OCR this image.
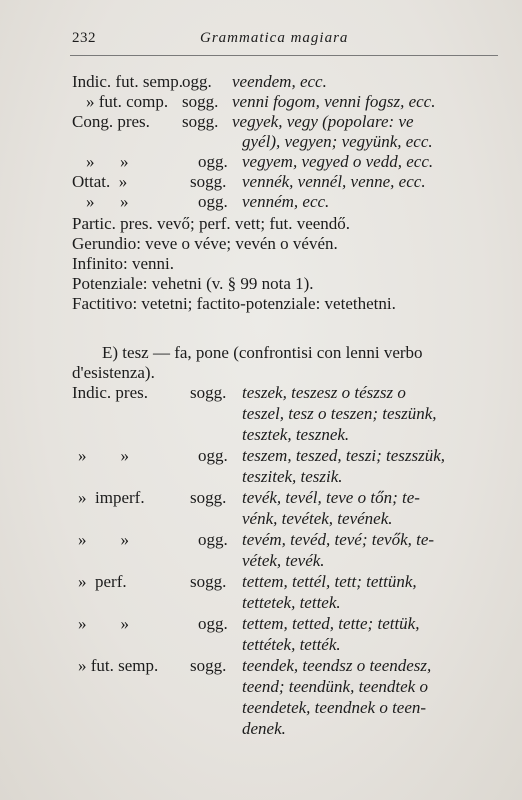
232	Grammatica magiara
Indic. fut. semp. ogg. veendem, ecc.
» fut. comp. sogg. venni fogom, venni fogsz, ecc.
Cong. pres. sogg. vegyek, vegy (popolare: ve
gyél), vegyen; vegyünk, ecc.
»      »	ogg. vegyem, vegyed o vedd, ecc.
Ottat.  »	sogg. vennék, vennél, venne, ecc.
»      »	ogg. venném, ecc.
Partic. pres. vevő; perf. vett; fut. veendő.
Gerundio: veve o véve; vevén o vévén.
Infinito: venni.
Potenziale: vehetni (v. § 99 nota 1).
Factitivo: vetetni; factito-potenziale: vetethetni.
E) tesz — fa, pone (confrontisi con lenni verbo
d'esistenza).
Indic. pres. sogg. teszek, teszesz o tészsz o
teszel, tesz o teszen; teszünk,
tesztek, tesznek.
»        »	ogg. teszem, teszed, teszi; teszszük,
teszitek, teszik.
»  imperf.	sogg. tevék, tevél, teve o tőn; te-
vénk, tevétek, tevének.
»        »	ogg. tevém, tevéd, tevé; tevők, te-
vétek, tevék.
»  perf.	sogg. tettem, tettél, tett; tettünk,
tettetek, tettek.
»        »	ogg. tettem, tetted, tette; tettük,
tettétek, tették.
» fut. semp. sogg. teendek, teendsz o teendesz,
teend; teendünk, teendtek o
teendetek, teendnek o teen-
denek.
